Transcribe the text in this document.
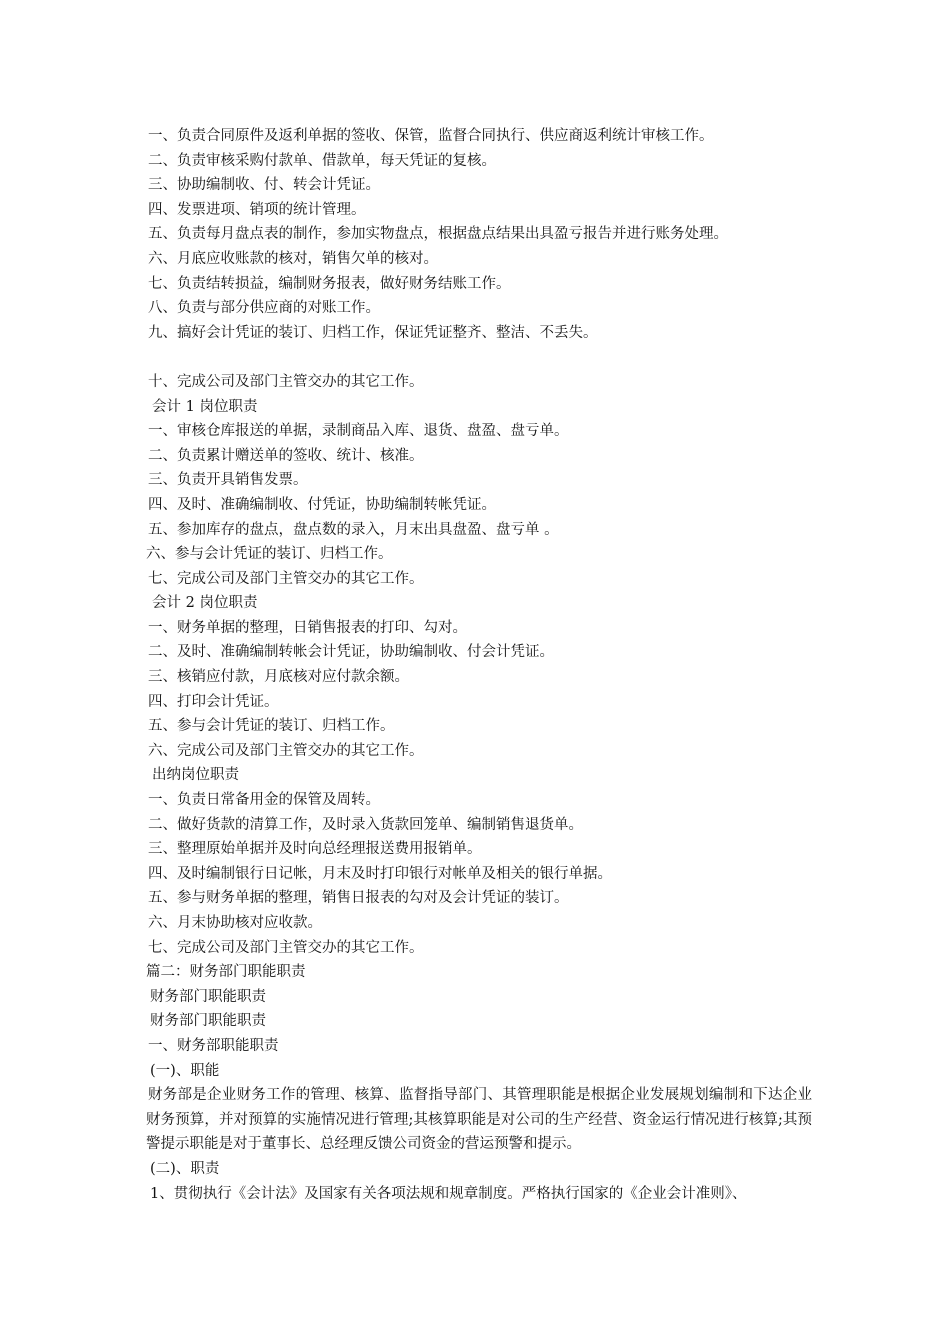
一、负责合同原件及返利单据的签收、保管，监督合同执行、供应商返利统计审核工作。
二、负责审核采购付款单、借款单，每天凭证的复核。
三、协助编制收、付、转会计凭证。
四、发票进项、销项的统计管理。
五、负责每月盘点表的制作，参加实物盘点，根据盘点结果出具盈亏报告并进行账务处理。
六、月底应收账款的核对，销售欠单的核对。
七、负责结转损益，编制财务报表，做好财务结账工作。
八、负责与部分供应商的对账工作。
九、搞好会计凭证的装订、归档工作，保证凭证整齐、整洁、不丢失。
十、完成公司及部门主管交办的其它工作。
会计 1 岗位职责
一、审核仓库报送的单据，录制商品入库、退货、盘盈、盘亏单。
二、负责累计赠送单的签收、统计、核准。
三、负责开具销售发票。
四、及时、准确编制收、付凭证，协助编制转帐凭证。
五、参加库存的盘点，盘点数的录入，月末出具盘盈、盘亏单 。
六、参与会计凭证的装订、归档工作。
七、完成公司及部门主管交办的其它工作。
会计 2 岗位职责
一、财务单据的整理，日销售报表的打印、勾对。
二、及时、准确编制转帐会计凭证，协助编制收、付会计凭证。
三、核销应付款，月底核对应付款余额。
四、打印会计凭证。
五、参与会计凭证的装订、归档工作。
六、完成公司及部门主管交办的其它工作。
出纳岗位职责
一、负责日常备用金的保管及周转。
二、做好货款的清算工作，及时录入货款回笼单、编制销售退货单。
三、整理原始单据并及时向总经理报送费用报销单。
四、及时编制银行日记帐，月末及时打印银行对帐单及相关的银行单据。
五、参与财务单据的整理，销售日报表的勾对及会计凭证的装订。
六、月末协助核对应收款。
七、完成公司及部门主管交办的其它工作。
篇二：财务部门职能职责
财务部门职能职责
财务部门职能职责
一、财务部职能职责
(一)、职能
财务部是企业财务工作的管理、核算、监督指导部门、其管理职能是根据企业发展规划编制和下达企业财务预算，并对预算的实施情况进行管理;其核算职能是对公司的生产经营、资金运行情况进行核算;其预警提示职能是对于董事长、总经理反馈公司资金的营运预警和提示。
(二)、职责
1、贯彻执行《会计法》及国家有关各项法规和规章制度。严格执行国家的《企业会计准则》、
